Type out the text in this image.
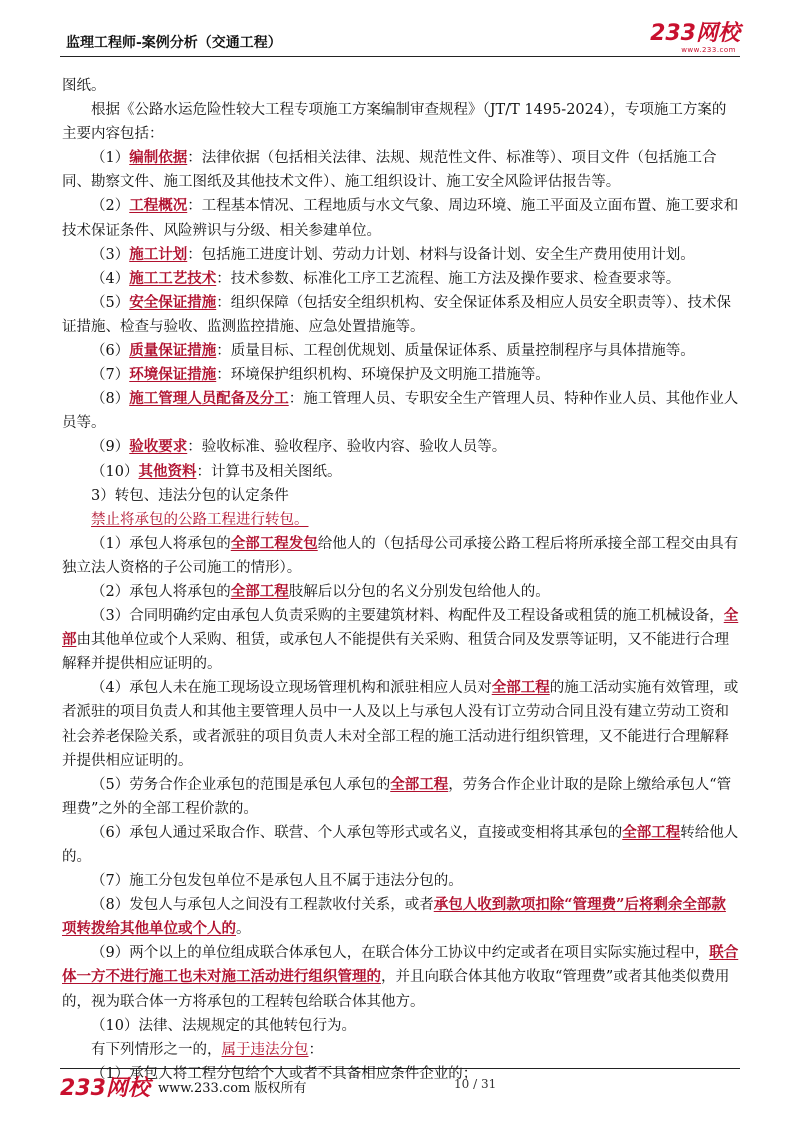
监理工程师-案例分析（交通工程）	233网校
www.233.com

图纸。

根据《公路水运危险性较大工程专项施工方案编制审查规程》（JT/T 1495-2024），专项施工方案的主要内容包括：

（1）编制依据：法律依据（包括相关法律、法规、规范性文件、标准等）、项目文件（包括施工合同、勘察文件、施工图纸及其他技术文件）、施工组织设计、施工安全风险评估报告等。

（2）工程概况：工程基本情况、工程地质与水文气象、周边环境、施工平面及立面布置、施工要求和技术保证条件、风险辨识与分级、相关参建单位。

（3）施工计划：包括施工进度计划、劳动力计划、材料与设备计划、安全生产费用使用计划。

（4）施工工艺技术：技术参数、标准化工序工艺流程、施工方法及操作要求、检查要求等。

（5）安全保证措施：组织保障（包括安全组织机构、安全保证体系及相应人员安全职责等）、技术保证措施、检查与验收、监测监控措施、应急处置措施等。

（6）质量保证措施：质量目标、工程创优规划、质量保证体系、质量控制程序与具体措施等。

（7）环境保证措施：环境保护组织机构、环境保护及文明施工措施等。

（8）施工管理人员配备及分工：施工管理人员、专职安全生产管理人员、特种作业人员、其他作业人员等。

（9）验收要求：验收标准、验收程序、验收内容、验收人员等。

（10）其他资料：计算书及相关图纸。

3）转包、违法分包的认定条件

禁止将承包的公路工程进行转包。

（1）承包人将承包的全部工程发包给他人的（包括母公司承接公路工程后将所承接全部工程交由具有独立法人资格的子公司施工的情形）。

（2）承包人将承包的全部工程肢解后以分包的名义分别发包给他人的。

（3）合同明确约定由承包人负责采购的主要建筑材料、构配件及工程设备或租赁的施工机械设备，全部由其他单位或个人采购、租赁，或承包人不能提供有关采购、租赁合同及发票等证明，又不能进行合理解释并提供相应证明的。

（4）承包人未在施工现场设立现场管理机构和派驻相应人员对全部工程的施工活动实施有效管理，或者派驻的项目负责人和其他主要管理人员中一人及以上与承包人没有订立劳动合同且没有建立劳动工资和社会养老保险关系，或者派驻的项目负责人未对全部工程的施工活动进行组织管理，又不能进行合理解释并提供相应证明的。

（5）劳务合作企业承包的范围是承包人承包的全部工程，劳务合作企业计取的是除上缴给承包人“管理费”之外的全部工程价款的。

（6）承包人通过采取合作、联营、个人承包等形式或名义，直接或变相将其承包的全部工程转给他人的。

（7）施工分包发包单位不是承包人且不属于违法分包的。

（8）发包人与承包人之间没有工程款收付关系，或者承包人收到款项扣除“管理费”后将剩余全部款项转拨给其他单位或个人的。

（9）两个以上的单位组成联合体承包人，在联合体分工协议中约定或者在项目实际实施过程中，联合体一方不进行施工也未对施工活动进行组织管理的，并且向联合体其他方收取“管理费”或者其他类似费用的，视为联合体一方将承包的工程转包给联合体其他方。

（10）法律、法规规定的其他转包行为。

有下列情形之一的，属于违法分包：

（1）承包人将工程分包给个人或者不具备相应条件企业的；

233网校 www.233.com 版权所有	10 / 31
